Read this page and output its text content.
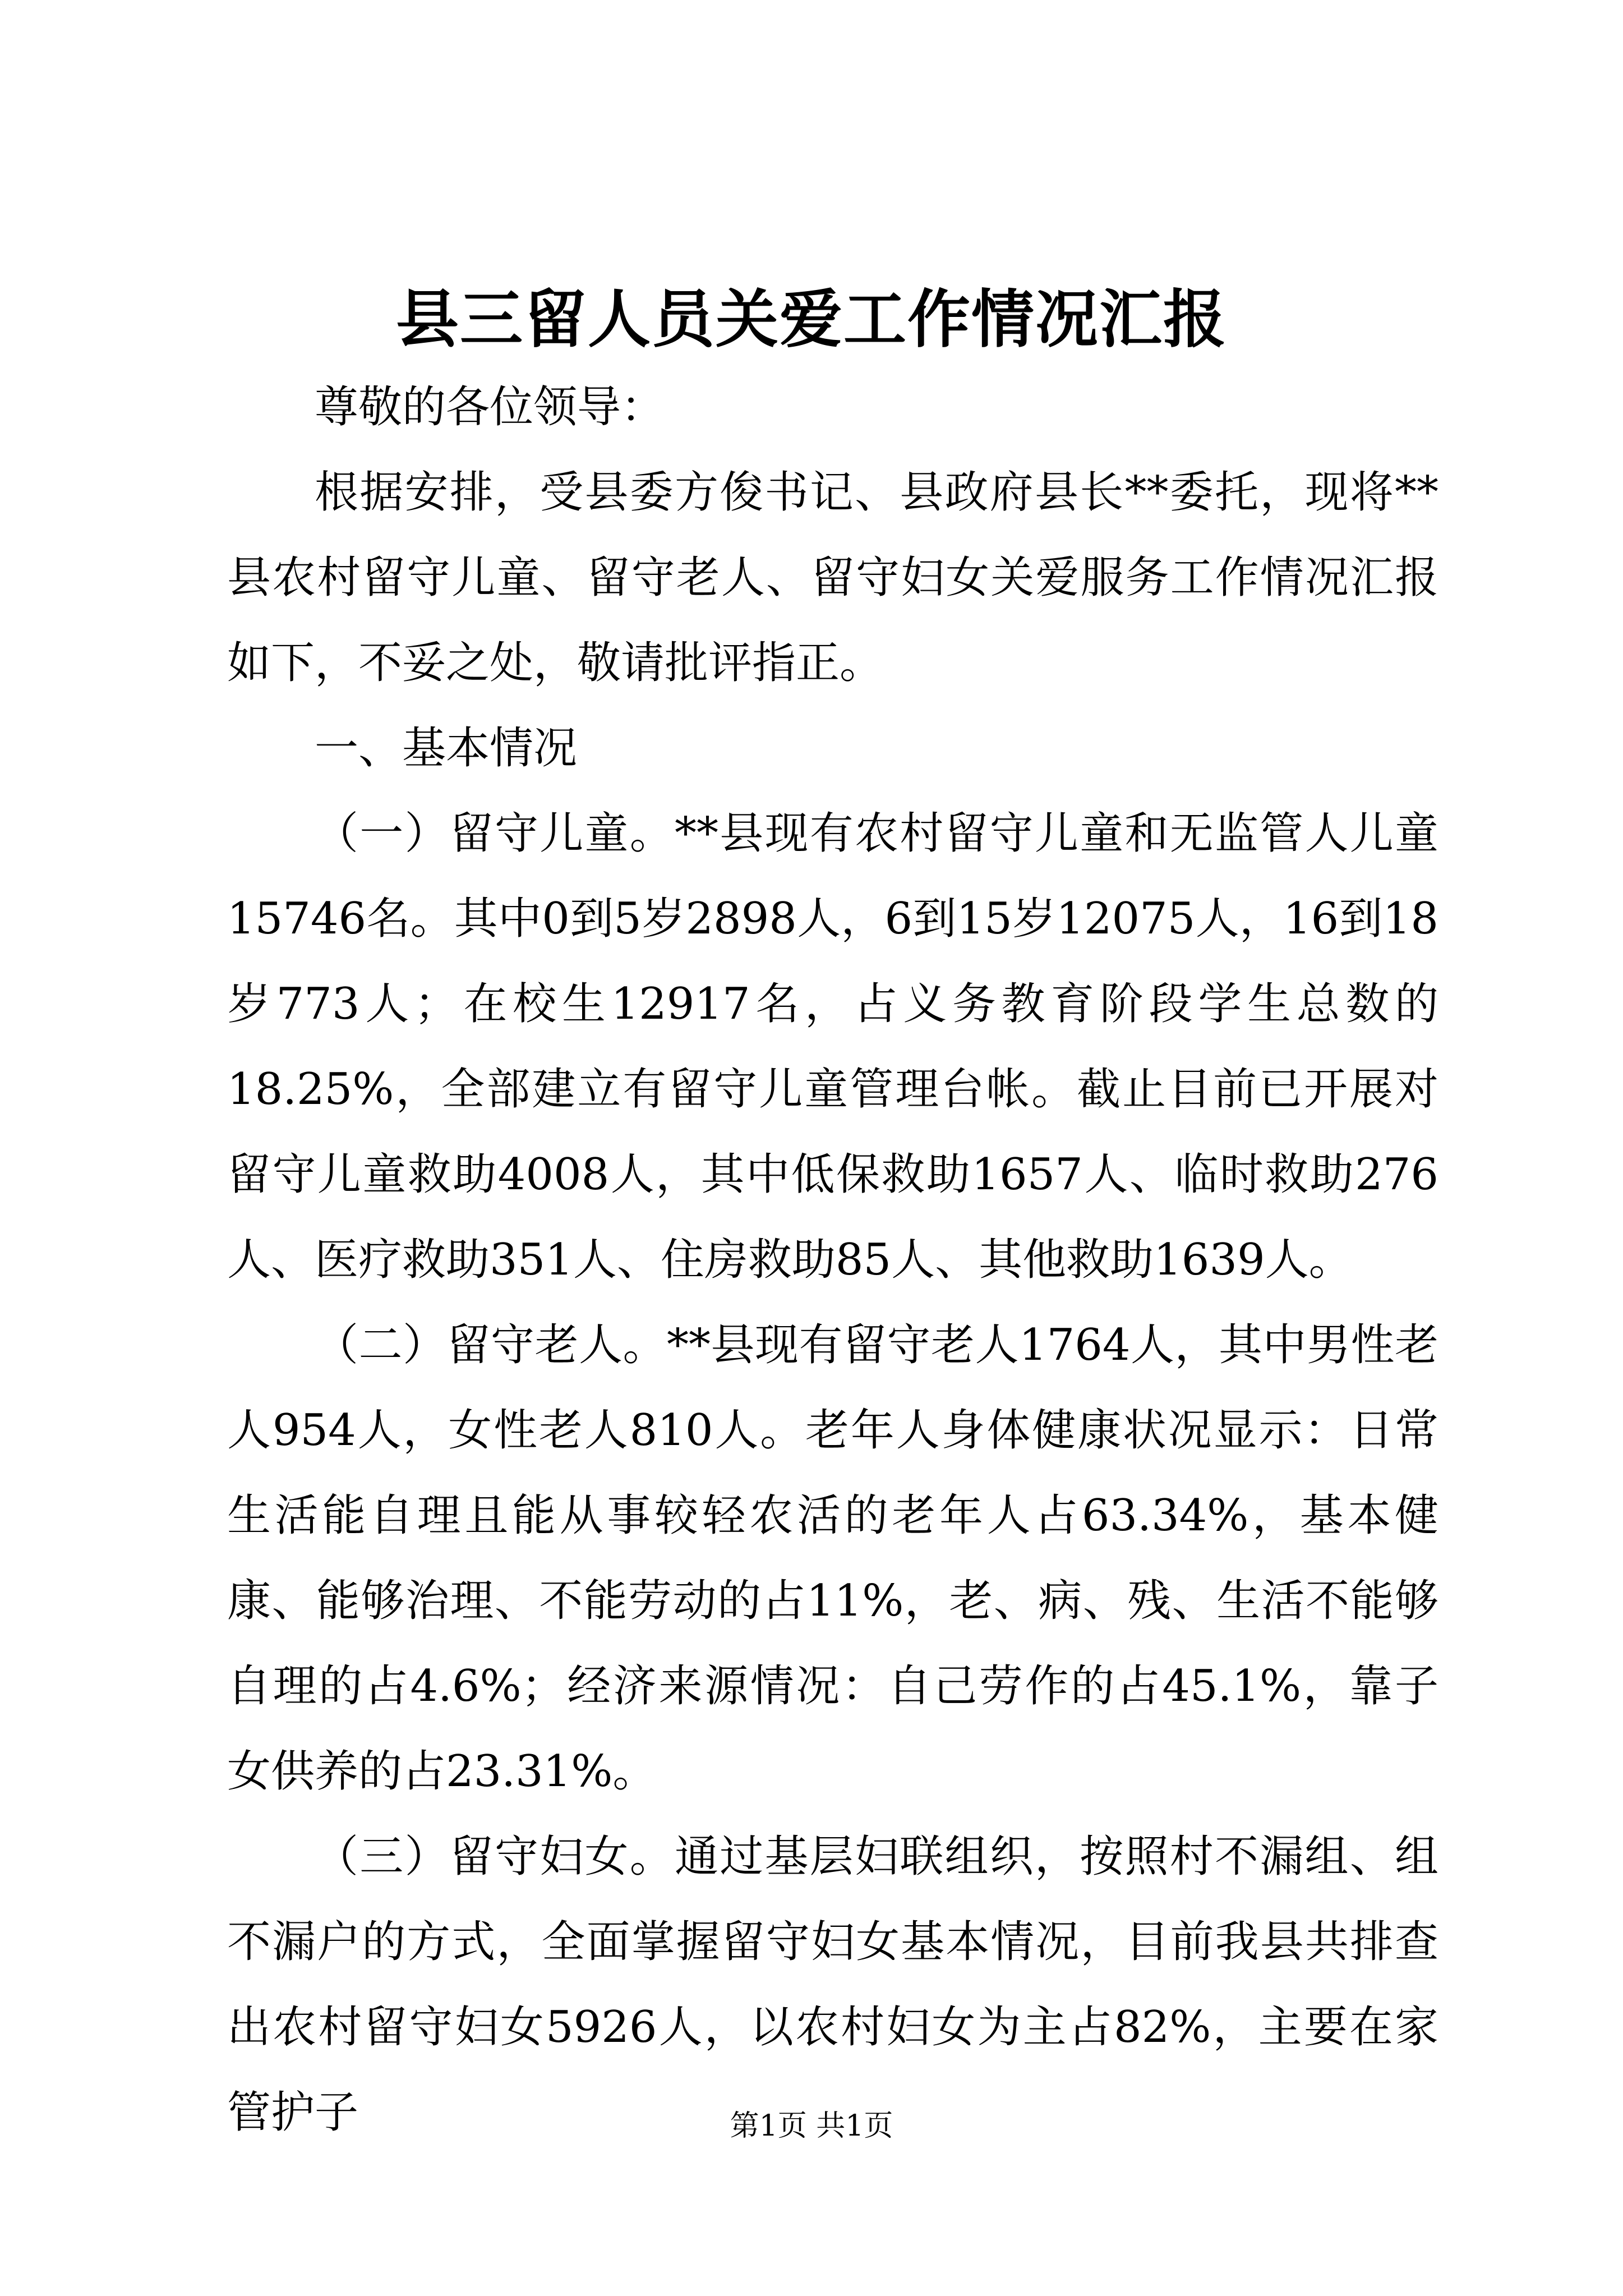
县三留人员关爱工作情况汇报

尊敬的各位领导：

根据安排，受县委方俊书记、县政府县长**委托，现将**县农村留守儿童、留守老人、留守妇女关爱服务工作情况汇报如下，不妥之处，敬请批评指正。

一、基本情况

（一）留守儿童。**县现有农村留守儿童和无监管人儿童15746名。其中0到5岁2898人，6到15岁12075人，16到18岁773人；在校生12917名，占义务教育阶段学生总数的18.25%，全部建立有留守儿童管理台帐。截止目前已开展对留守儿童救助4008人，其中低保救助1657人、临时救助276人、医疗救助351人、住房救助85人、其他救助1639人。

（二）留守老人。**县现有留守老人1764人，其中男性老人954人，女性老人810人。老年人身体健康状况显示：日常生活能自理且能从事较轻农活的老年人占63.34%，基本健康、能够治理、不能劳动的占11%，老、病、残、生活不能够自理的占4.6%；经济来源情况：自己劳作的占45.1%，靠子女供养的占23.31%。

（三）留守妇女。通过基层妇联组织，按照村不漏组、组不漏户的方式，全面掌握留守妇女基本情况，目前我县共排查出农村留守妇女5926人，以农村妇女为主占82%，主要在家管护子	第1页 共1页
